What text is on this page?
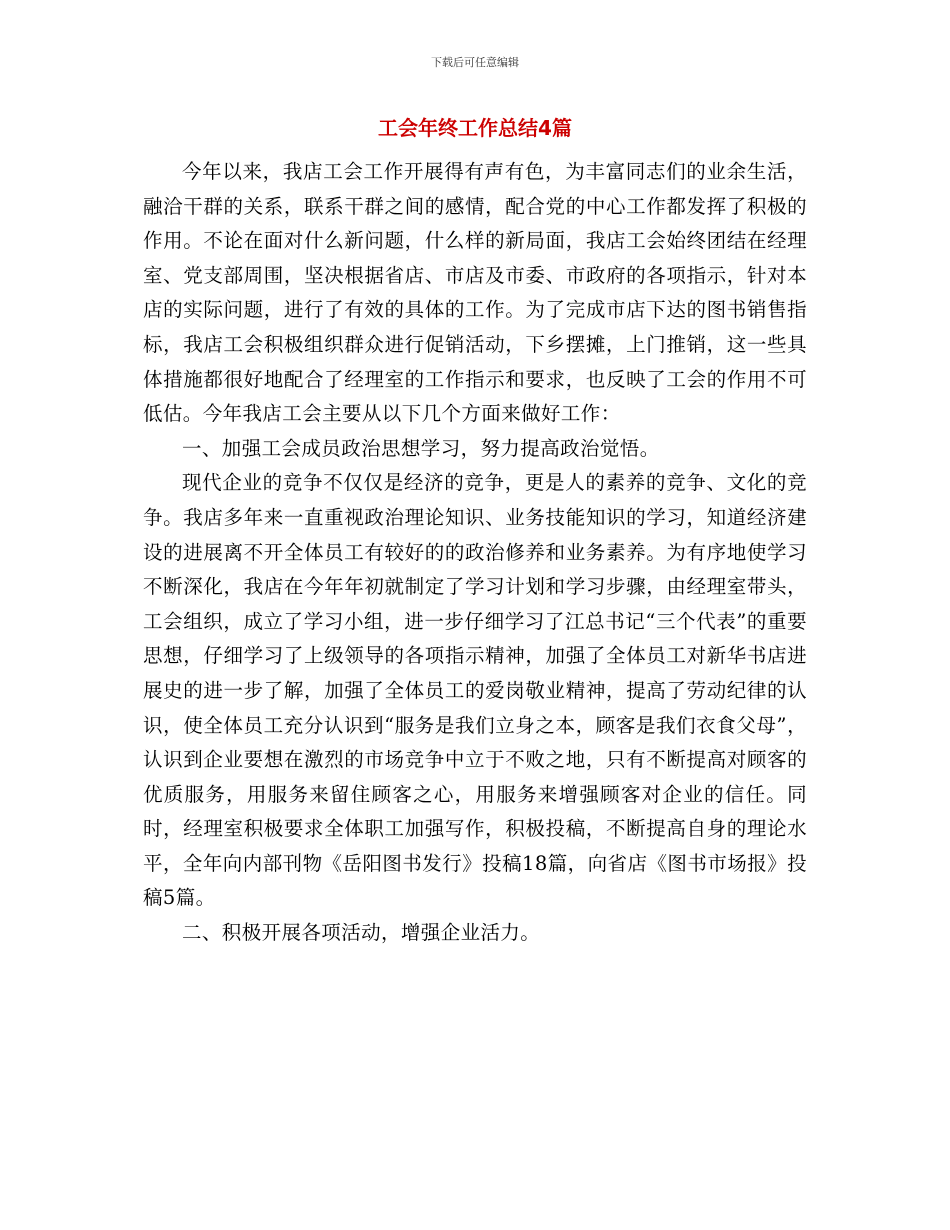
下载后可任意编辑
工会年终工作总结4篇

今年以来，我店工会工作开展得有声有色，为丰富同志们的业余生活，融洽干群的关系，联系干群之间的感情，配合党的中心工作都发挥了积极的作用。不论在面对什么新问题，什么样的新局面，我店工会始终团结在经理室、党支部周围，坚决根据省店、市店及市委、市政府的各项指示，针对本店的实际问题，进行了有效的具体的工作。为了完成市店下达的图书销售指标，我店工会积极组织群众进行促销活动，下乡摆摊，上门推销，这一些具体措施都很好地配合了经理室的工作指示和要求，也反映了工会的作用不可低估。今年我店工会主要从以下几个方面来做好工作：

一、加强工会成员政治思想学习，努力提高政治觉悟。

现代企业的竞争不仅仅是经济的竞争，更是人的素养的竞争、文化的竞争。我店多年来一直重视政治理论知识、业务技能知识的学习，知道经济建设的进展离不开全体员工有较好的的政治修养和业务素养。为有序地使学习不断深化，我店在今年年初就制定了学习计划和学习步骤，由经理室带头，工会组织，成立了学习小组，进一步仔细学习了江总书记“三个代表”的重要思想，仔细学习了上级领导的各项指示精神，加强了全体员工对新华书店进展史的进一步了解，加强了全体员工的爱岗敬业精神，提高了劳动纪律的认识，使全体员工充分认识到“服务是我们立身之本，顾客是我们衣食父母”，认识到企业要想在激烈的市场竞争中立于不败之地，只有不断提高对顾客的优质服务，用服务来留住顾客之心，用服务来增强顾客对企业的信任。同时，经理室积极要求全体职工加强写作，积极投稿，不断提高自身的理论水平，全年向内部刊物《岳阳图书发行》投稿18篇，向省店《图书市场报》投稿5篇。

二、积极开展各项活动，增强企业活力。
